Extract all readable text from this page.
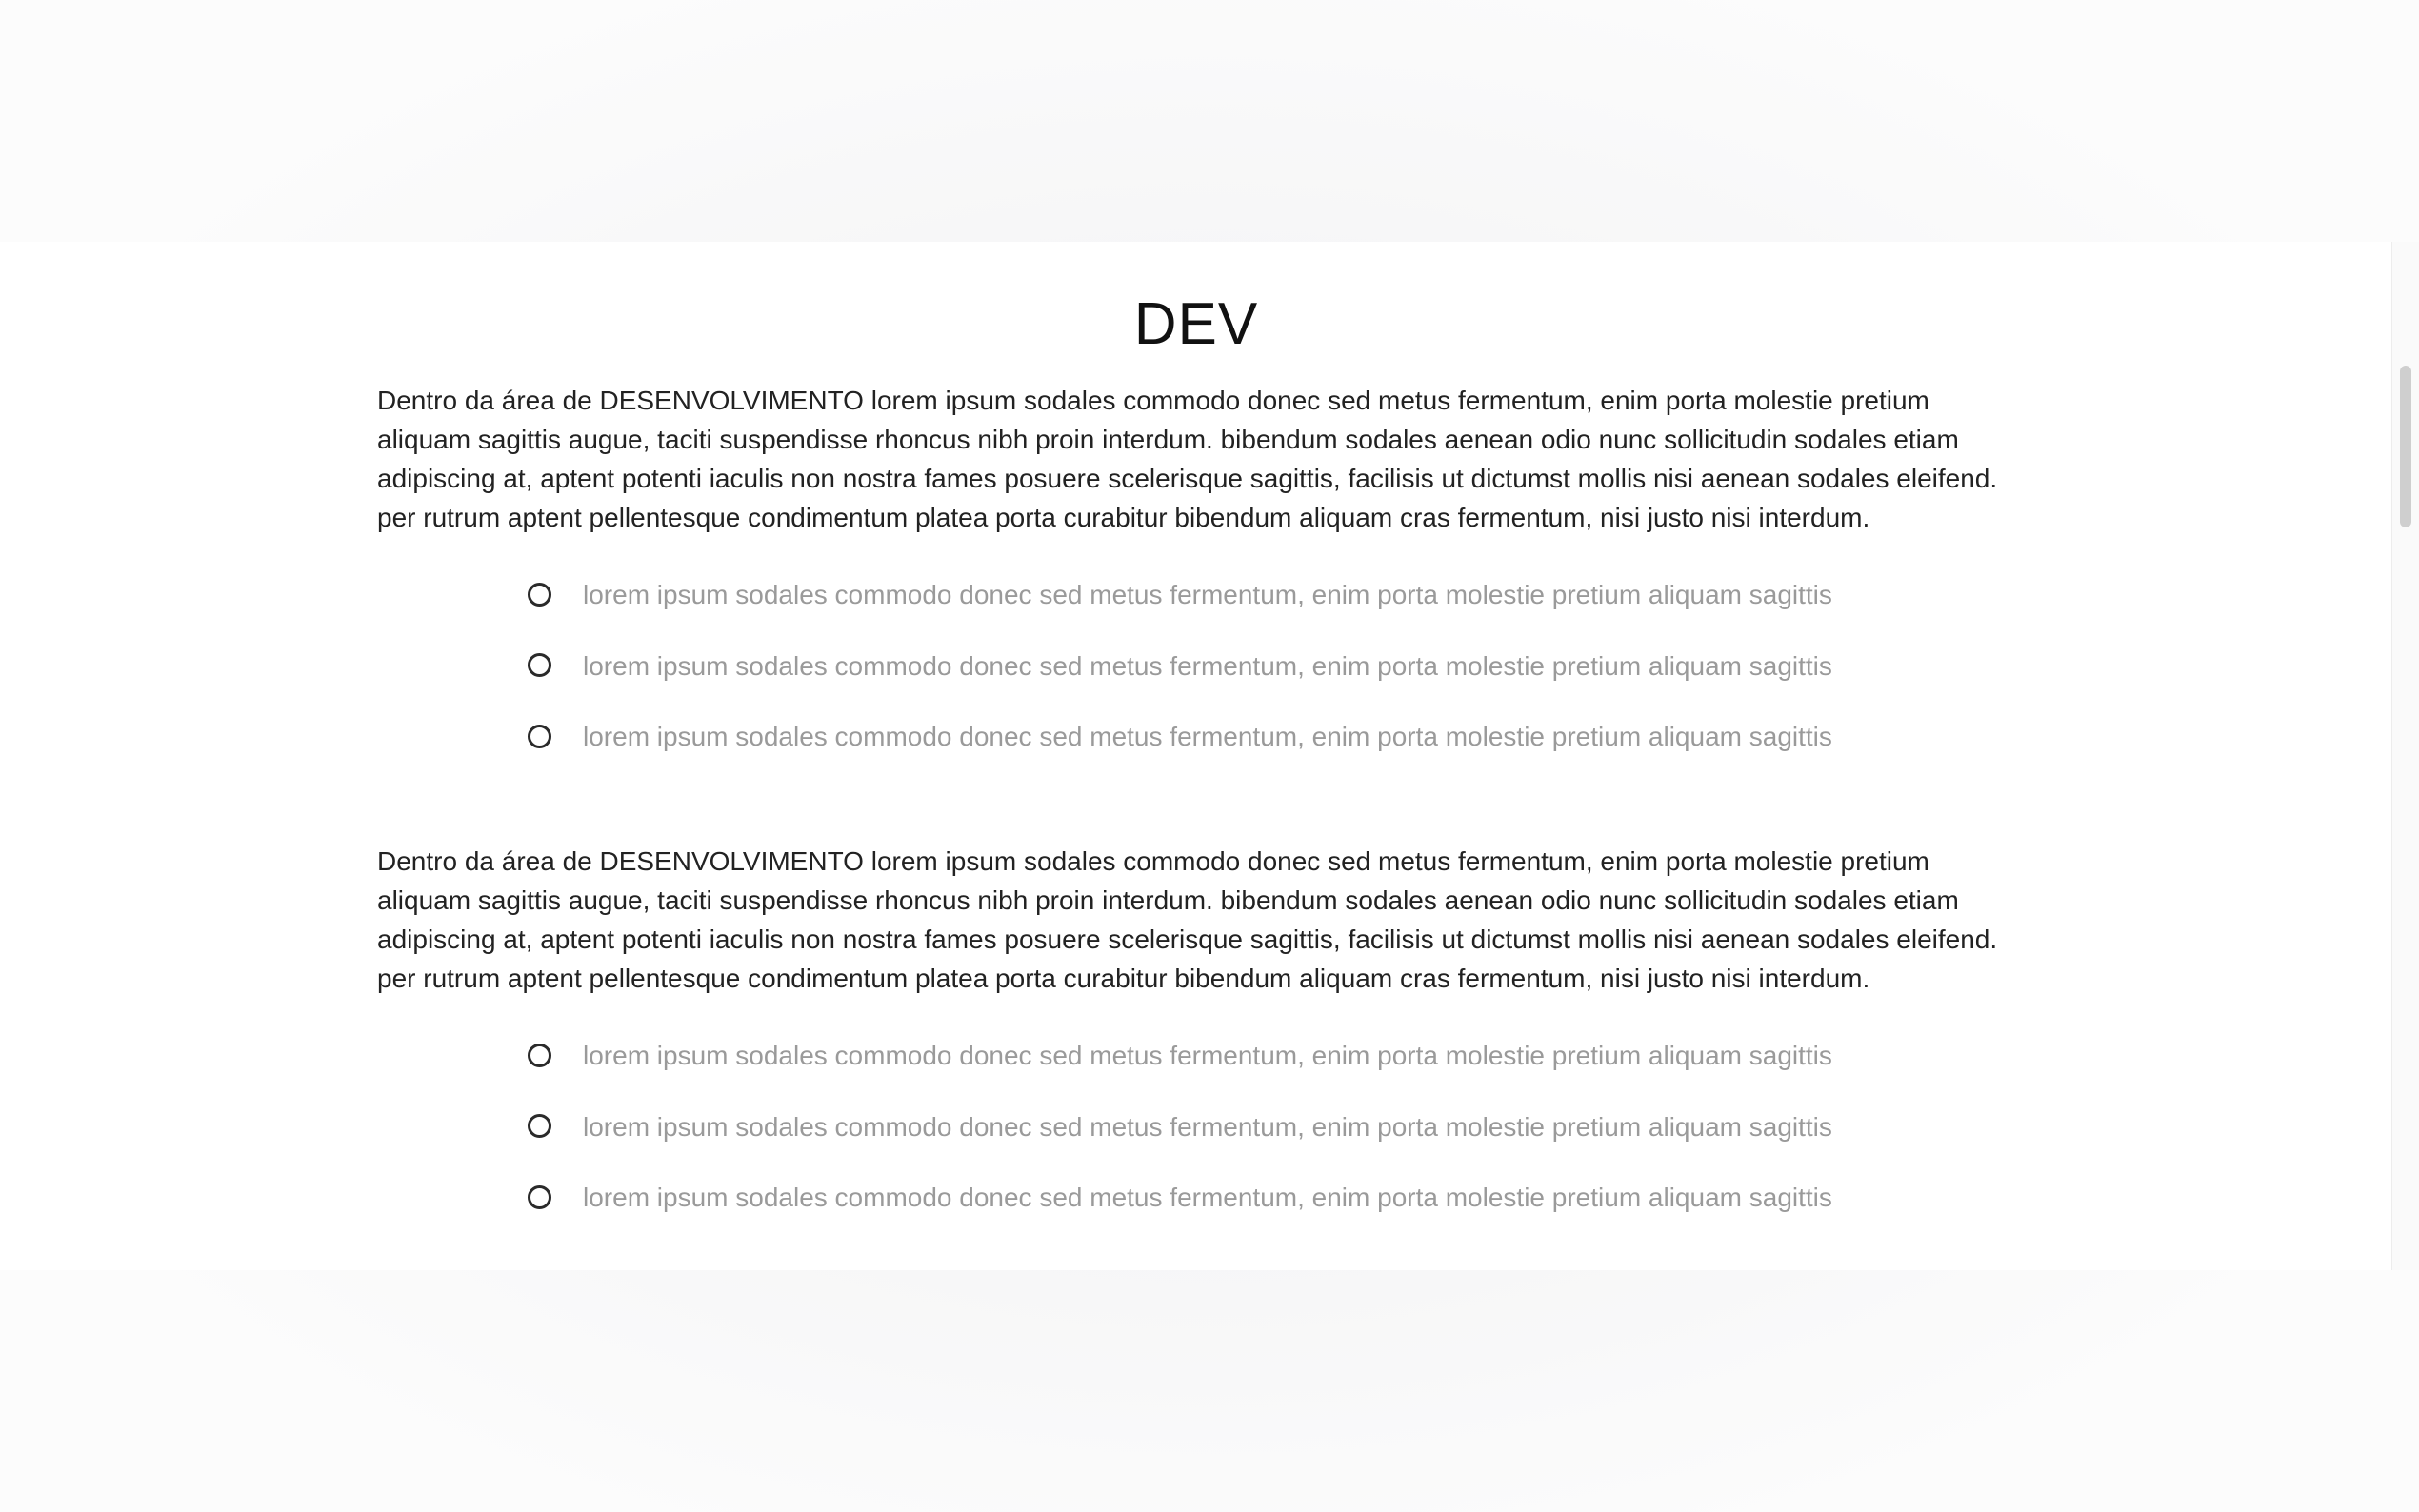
DEV

Dentro da área de DESENVOLVIMENTO lorem ipsum sodales commodo donec sed metus fermentum, enim porta molestie pretium aliquam sagittis augue, taciti suspendisse rhoncus nibh proin interdum. bibendum sodales aenean odio nunc sollicitudin sodales etiam adipiscing at, aptent potenti iaculis non nostra fames posuere scelerisque sagittis, facilisis ut dictumst mollis nisi aenean sodales eleifend. per rutrum aptent pellentesque condimentum platea porta curabitur bibendum aliquam cras fermentum, nisi justo nisi interdum.

lorem ipsum sodales commodo donec sed metus fermentum, enim porta molestie pretium aliquam sagittis
lorem ipsum sodales commodo donec sed metus fermentum, enim porta molestie pretium aliquam sagittis
lorem ipsum sodales commodo donec sed metus fermentum, enim porta molestie pretium aliquam sagittis

Dentro da área de DESENVOLVIMENTO lorem ipsum sodales commodo donec sed metus fermentum, enim porta molestie pretium aliquam sagittis augue, taciti suspendisse rhoncus nibh proin interdum. bibendum sodales aenean odio nunc sollicitudin sodales etiam adipiscing at, aptent potenti iaculis non nostra fames posuere scelerisque sagittis, facilisis ut dictumst mollis nisi aenean sodales eleifend. per rutrum aptent pellentesque condimentum platea porta curabitur bibendum aliquam cras fermentum, nisi justo nisi interdum.

lorem ipsum sodales commodo donec sed metus fermentum, enim porta molestie pretium aliquam sagittis
lorem ipsum sodales commodo donec sed metus fermentum, enim porta molestie pretium aliquam sagittis
lorem ipsum sodales commodo donec sed metus fermentum, enim porta molestie pretium aliquam sagittis
